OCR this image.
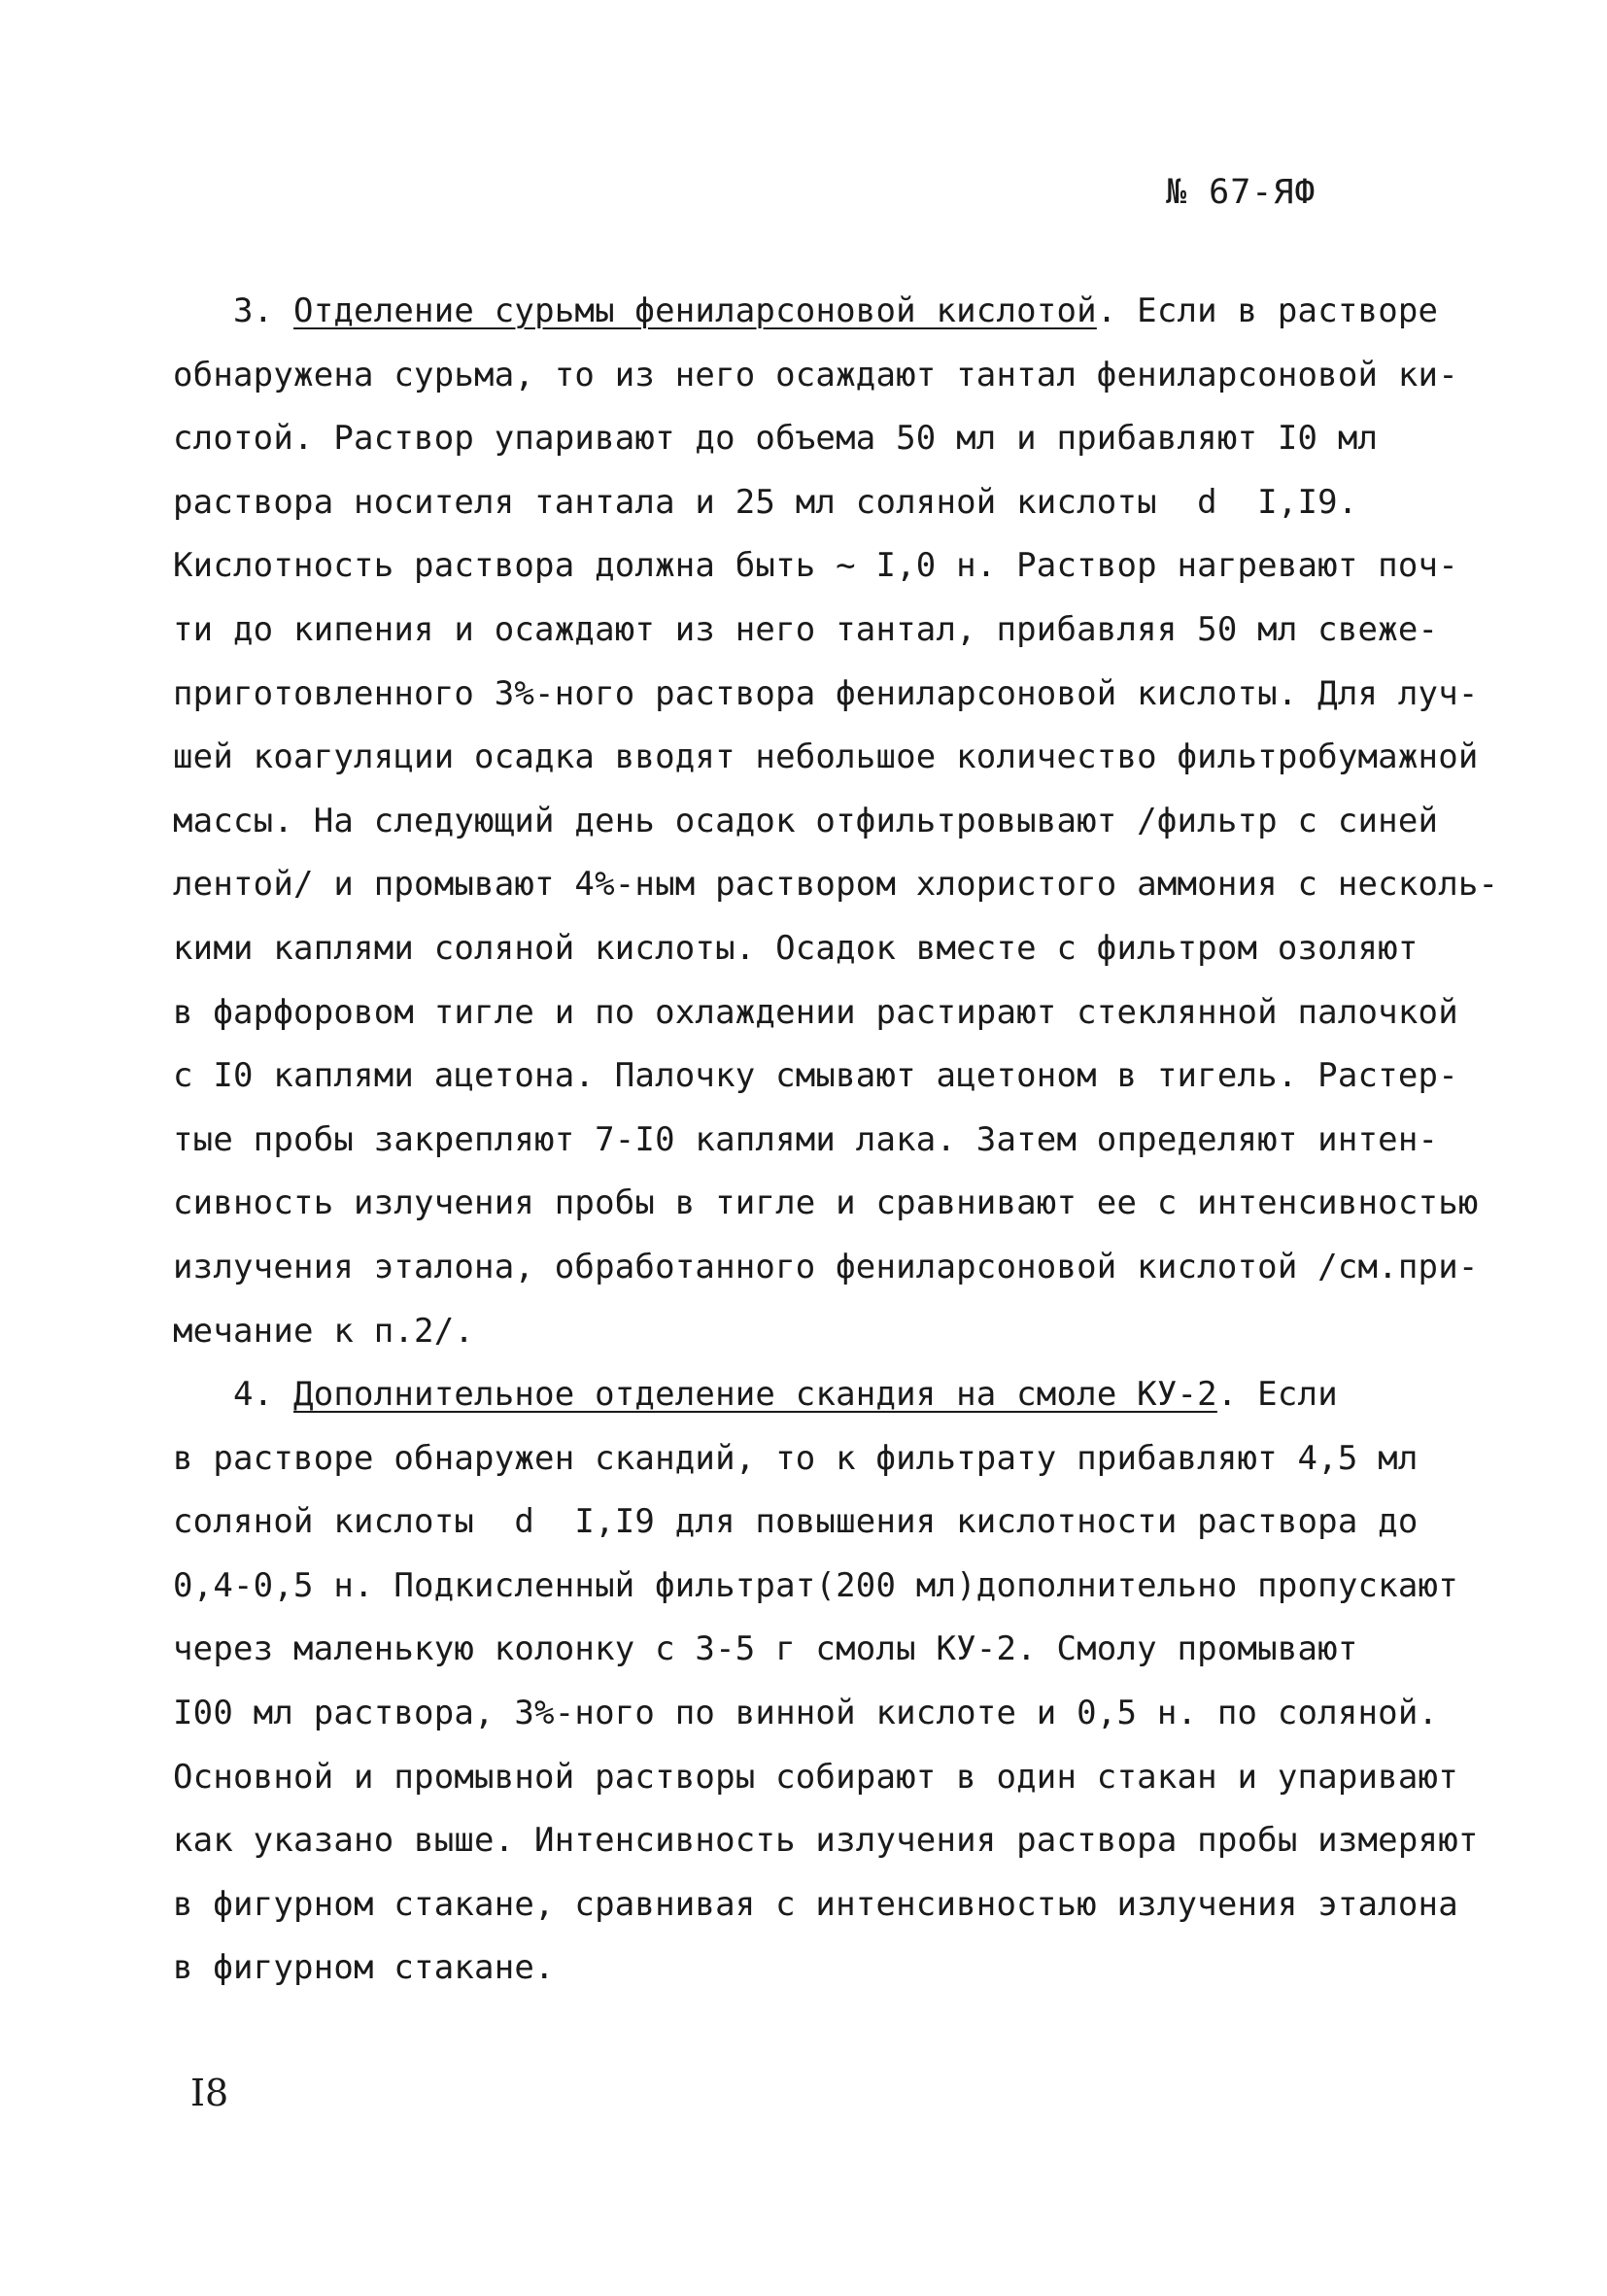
№ 67-ЯФ
3. Отделение сурьмы фениларсоновой кислотой. Если в растворе
обнаружена сурьма, то из него осаждают тантал фениларсоновой ки-
слотой. Раствор упаривают до объема 50 мл и прибавляют I0 мл
раствора носителя тантала и 25 мл соляной кислоты  d  I,I9.
Кислотность раствора должна быть ~ I,0 н. Раствор нагревают поч-
ти до кипения и осаждают из него тантал, прибавляя 50 мл свеже-
приготовленного 3%-ного раствора фениларсоновой кислоты. Для луч-
шей коагуляции осадка вводят небольшое количество фильтробумажной
массы. На следующий день осадок отфильтровывают /фильтр с синей
лентой/ и промывают 4%-ным раствором хлористого аммония с несколь-
кими каплями соляной кислоты. Осадок вместе с фильтром озоляют
в фарфоровом тигле и по охлаждении растирают стеклянной палочкой
с I0 каплями ацетона. Палочку смывают ацетоном в тигель. Растер-
тые пробы закрепляют 7-I0 каплями лака. Затем определяют интен-
сивность излучения пробы в тигле и сравнивают ее с интенсивностью
излучения эталона, обработанного фениларсоновой кислотой /см.при-
мечание к п.2/.
4. Дополнительное отделение скандия на смоле КУ-2. Если
в растворе обнаружен скандий, то к фильтрату прибавляют 4,5 мл
соляной кислоты  d  I,I9 для повышения кислотности раствора до
0,4-0,5 н. Подкисленный фильтрат(200 мл)дополнительно пропускают
через маленькую колонку с 3-5 г смолы КУ-2. Смолу промывают
I00 мл раствора, 3%-ного по винной кислоте и 0,5 н. по соляной.
Основной и промывной растворы собирают в один стакан и упаривают
как указано выше. Интенсивность излучения раствора пробы измеряют
в фигурном стакане, сравнивая с интенсивностью излучения эталона
в фигурном стакане.
I8
